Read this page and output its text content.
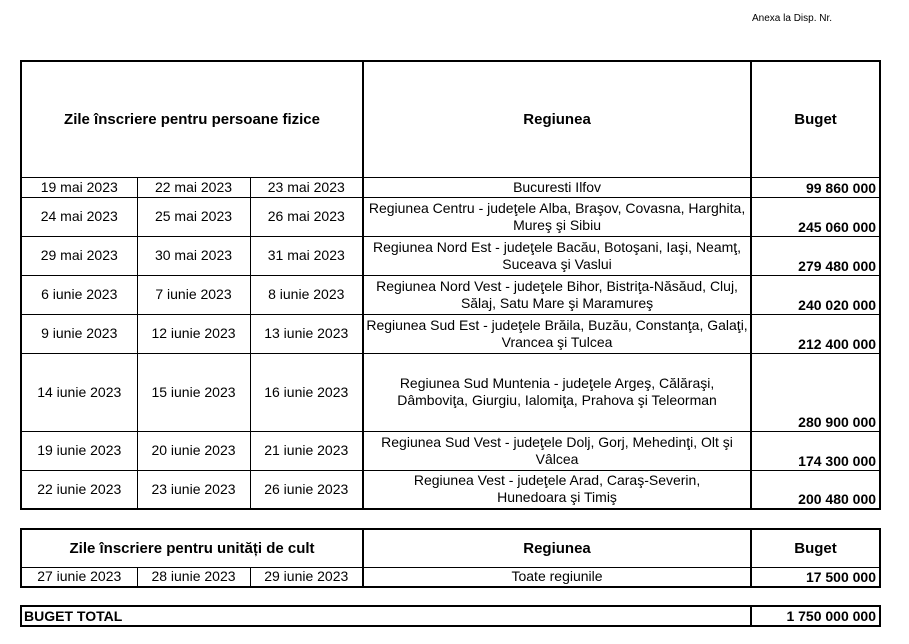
Anexa la Disp. Nr.
Zile înscriere pentru persoane fizice			Regiunea	Buget
19 mai 2023	22 mai 2023	23 mai 2023	Bucuresti Ilfov	99 860 000
24 mai 2023	25 mai 2023	26 mai 2023	Regiunea Centru - judeţele Alba, Braşov, Covasna, Harghita, Mureş şi Sibiu	245 060 000
29 mai 2023	30 mai 2023	31 mai 2023	Regiunea Nord Est - judeţele Bacău, Botoşani, Iaşi, Neamţ, Suceava şi Vaslui	279 480 000
6 iunie 2023	7 iunie 2023	8 iunie 2023	Regiunea Nord Vest - judeţele Bihor, Bistriţa-Năsăud, Cluj, Sălaj, Satu Mare şi Maramureş	240 020 000
9 iunie 2023	12 iunie 2023	13 iunie 2023	Regiunea Sud Est - judeţele Brăila, Buzău, Constanţa, Galaţi, Vrancea şi Tulcea	212 400 000
14 iunie 2023	15 iunie 2023	16 iunie 2023	Regiunea Sud Muntenia - judeţele Argeş, Călăraşi, Dâmboviţa, Giurgiu, Ialomiţa, Prahova şi Teleorman	280 900 000
19 iunie 2023	20 iunie 2023	21 iunie 2023	Regiunea Sud Vest - judeţele Dolj, Gorj, Mehedinţi, Olt şi Vâlcea	174 300 000
22 iunie 2023	23 iunie 2023	26 iunie 2023	Regiunea Vest - judeţele Arad, Caraş-Severin, Hunedoara şi Timiş	200 480 000
Zile înscriere pentru unități de cult			Regiunea	Buget
27 iunie 2023	28 iunie 2023	29 iunie 2023	Toate regiunile	17 500 000
BUGET TOTAL	1 750 000 000
